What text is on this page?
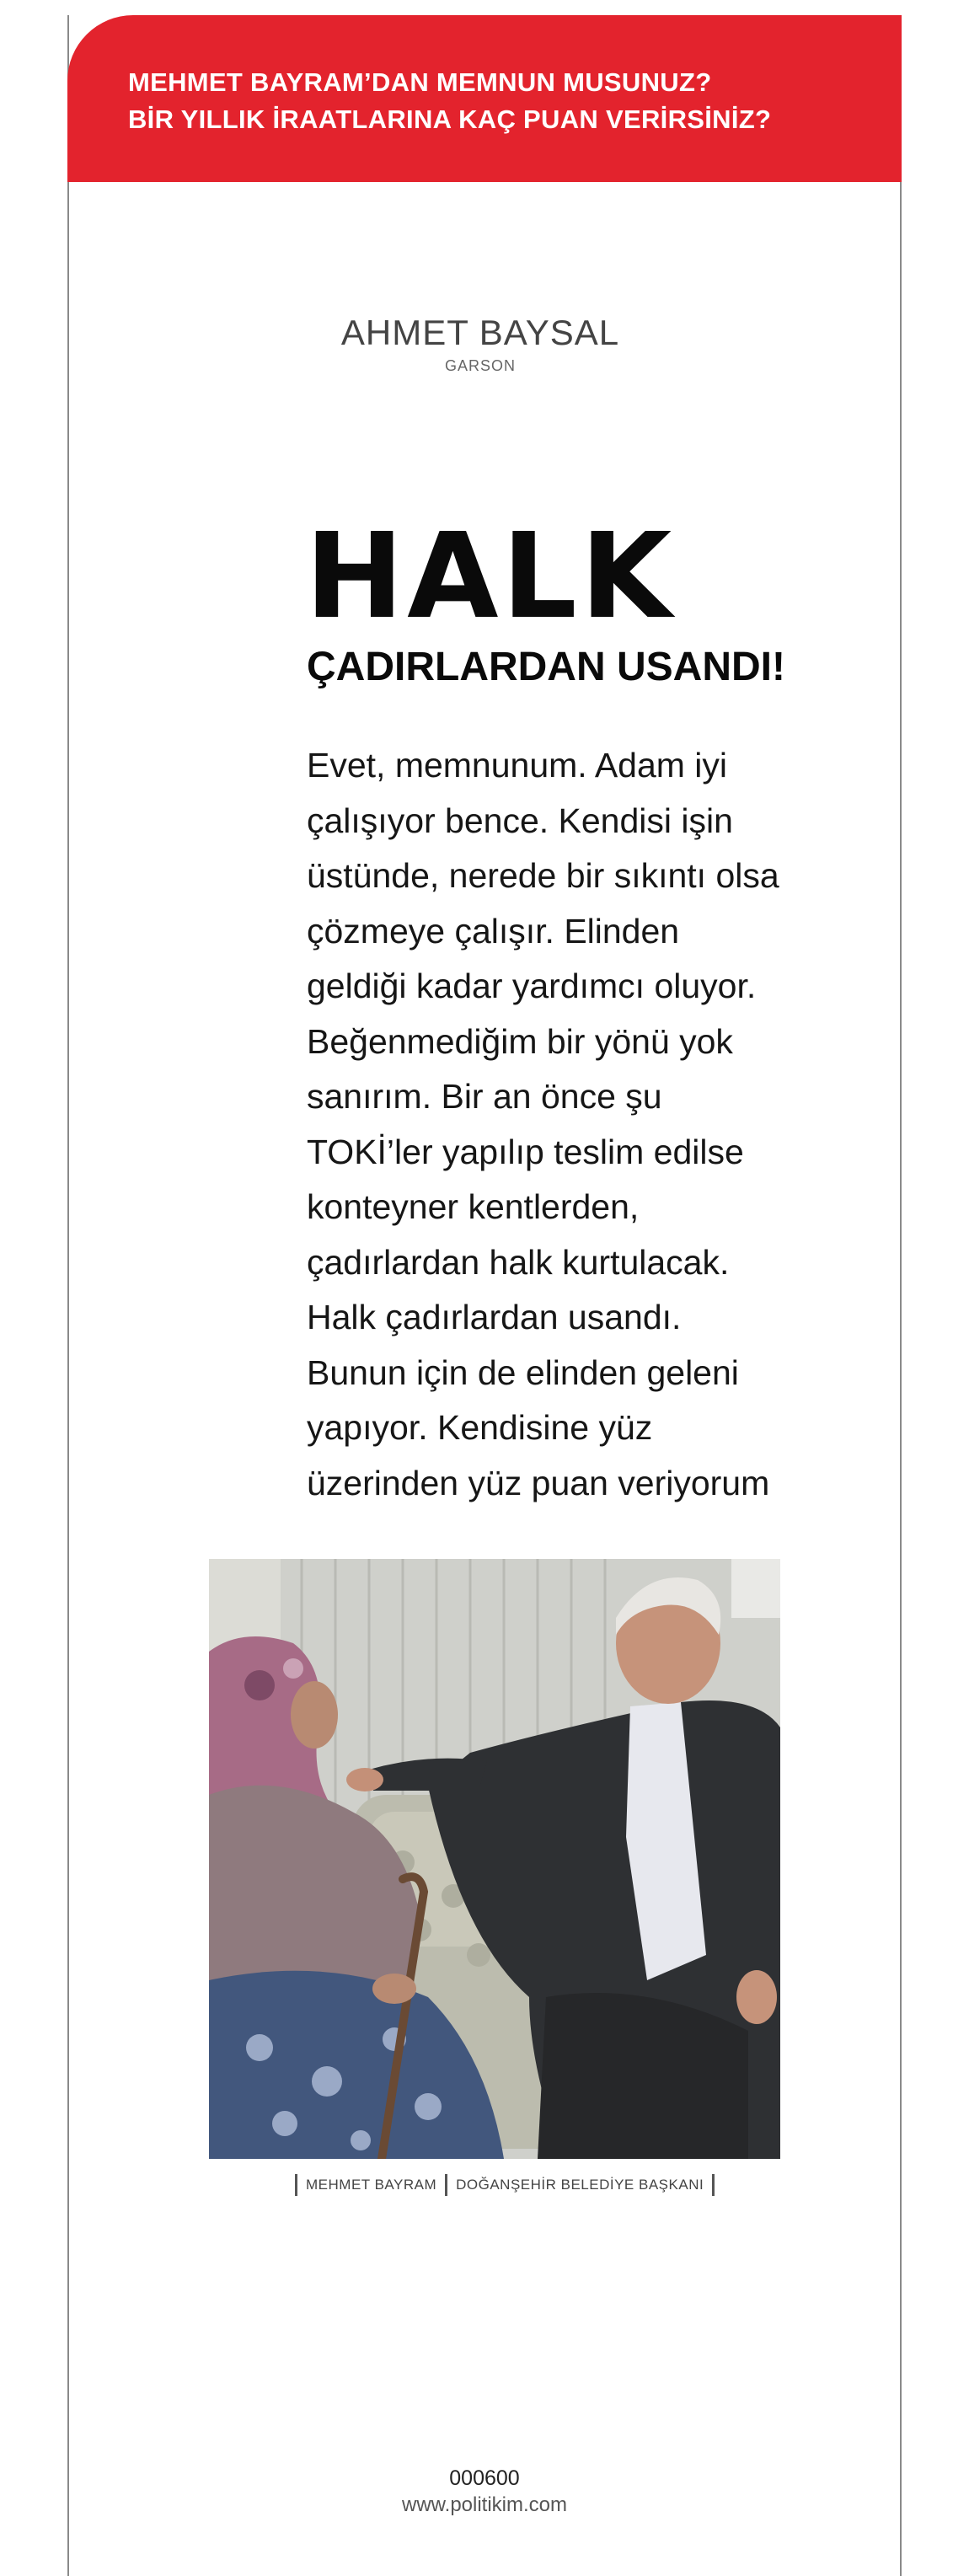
MEHMET BAYRAM’DAN MEMNUN MUSUNUZ?
BİR YILLIK İRAATLARINA KAÇ PUAN VERİRSİNİZ?
AHMET BAYSAL
GARSON
HALK
ÇADIRLARDAN USANDI!
Evet, memnunum. Adam iyi
çalışıyor bence. Kendisi işin
üstünde, nerede bir sıkıntı olsa
çözmeye çalışır. Elinden
geldiği kadar yardımcı oluyor.
Beğenmediğim bir yönü yok
sanırım. Bir an önce şu
TOKİ’ler yapılıp teslim edilse
konteyner kentlerden,
çadırlardan halk kurtulacak.
Halk çadırlardan usandı.
Bunun için de elinden geleni
yapıyor. Kendisine yüz
üzerinden yüz puan veriyorum
MEHMET BAYRAM DOĞANŞEHİR BELEDİYE BAŞKANI
000600
www.politikim.com
